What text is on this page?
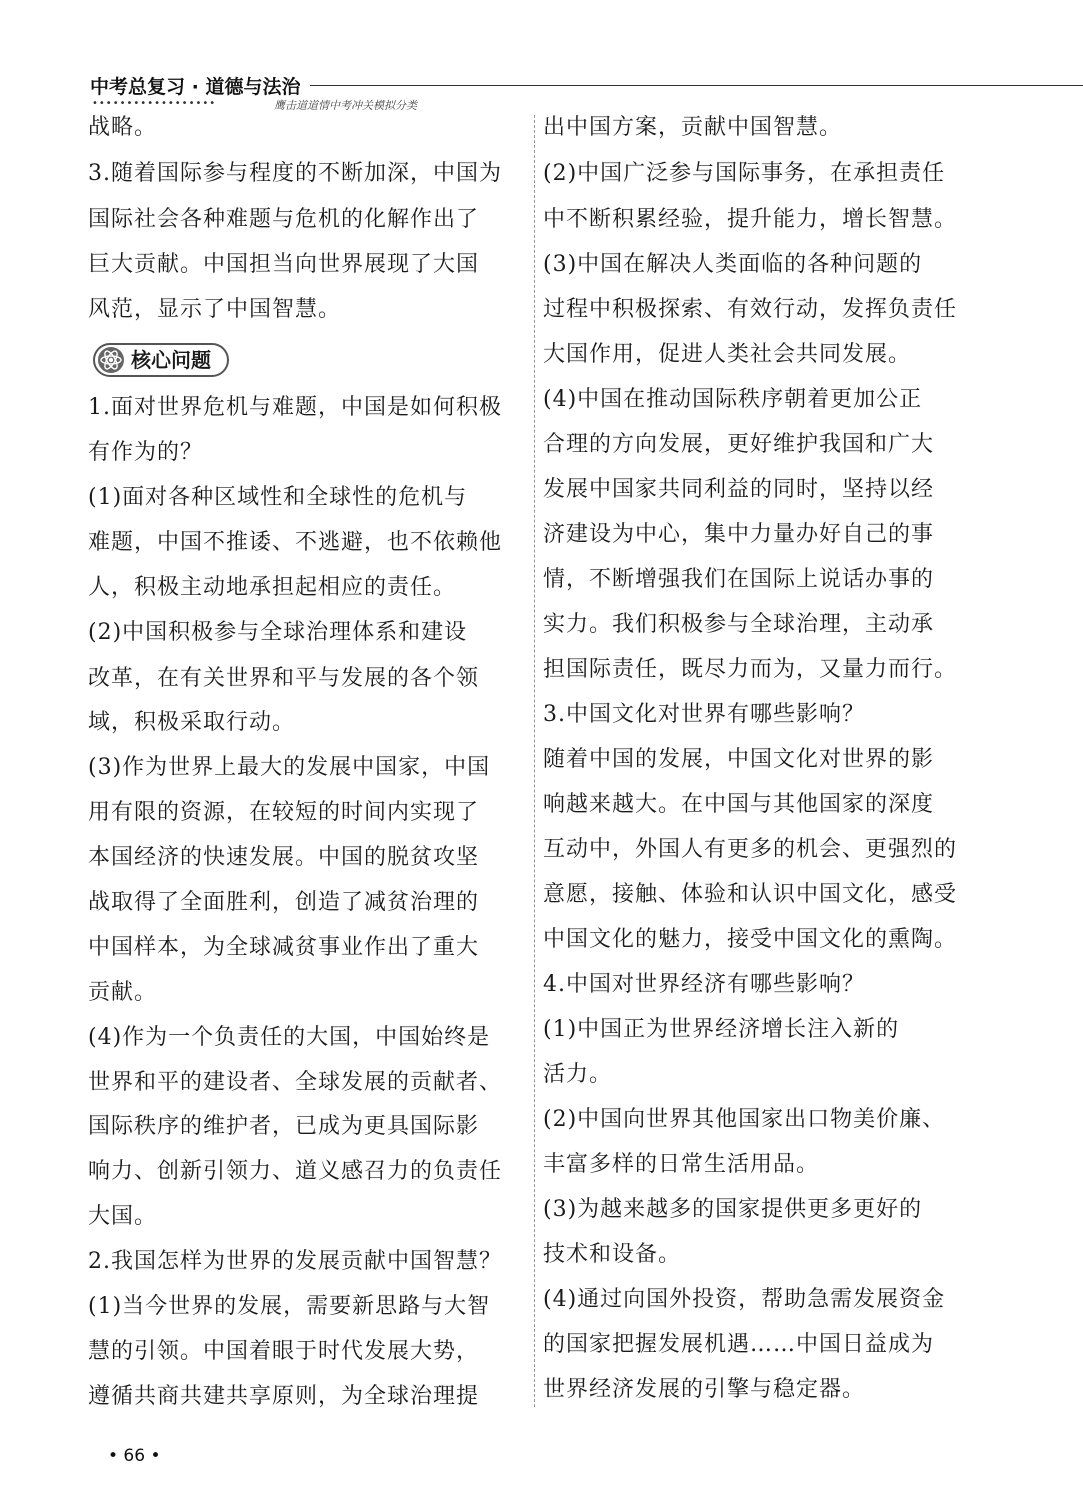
中考总复习 · 道德与法治
••••••••••••••••••	鹰击道道情中考冲关模拟分类
战略。
3.随着国际参与程度的不断加深，中国为
国际社会各种难题与危机的化解作出了
巨大贡献。中国担当向世界展现了大国
风范，显示了中国智慧。
核心问题
1.面对世界危机与难题，中国是如何积极
有作为的？
(1)面对各种区域性和全球性的危机与
难题，中国不推诿、不逃避，也不依赖他
人，积极主动地承担起相应的责任。
(2)中国积极参与全球治理体系和建设
改革，在有关世界和平与发展的各个领
域，积极采取行动。
(3)作为世界上最大的发展中国家，中国
用有限的资源，在较短的时间内实现了
本国经济的快速发展。中国的脱贫攻坚
战取得了全面胜利，创造了减贫治理的
中国样本，为全球减贫事业作出了重大
贡献。
(4)作为一个负责任的大国，中国始终是
世界和平的建设者、全球发展的贡献者、
国际秩序的维护者，已成为更具国际影
响力、创新引领力、道义感召力的负责任
大国。
2.我国怎样为世界的发展贡献中国智慧？
(1)当今世界的发展，需要新思路与大智
慧的引领。中国着眼于时代发展大势，
遵循共商共建共享原则，为全球治理提
出中国方案，贡献中国智慧。
(2)中国广泛参与国际事务，在承担责任
中不断积累经验，提升能力，增长智慧。
(3)中国在解决人类面临的各种问题的
过程中积极探索、有效行动，发挥负责任
大国作用，促进人类社会共同发展。
(4)中国在推动国际秩序朝着更加公正
合理的方向发展，更好维护我国和广大
发展中国家共同利益的同时，坚持以经
济建设为中心，集中力量办好自己的事
情，不断增强我们在国际上说话办事的
实力。我们积极参与全球治理，主动承
担国际责任，既尽力而为，又量力而行。
3.中国文化对世界有哪些影响？
随着中国的发展，中国文化对世界的影
响越来越大。在中国与其他国家的深度
互动中，外国人有更多的机会、更强烈的
意愿，接触、体验和认识中国文化，感受
中国文化的魅力，接受中国文化的熏陶。
4.中国对世界经济有哪些影响？
(1)中国正为世界经济增长注入新的
活力。
(2)中国向世界其他国家出口物美价廉、
丰富多样的日常生活用品。
(3)为越来越多的国家提供更多更好的
技术和设备。
(4)通过向国外投资，帮助急需发展资金
的国家把握发展机遇……中国日益成为
世界经济发展的引擎与稳定器。
• 66 •
